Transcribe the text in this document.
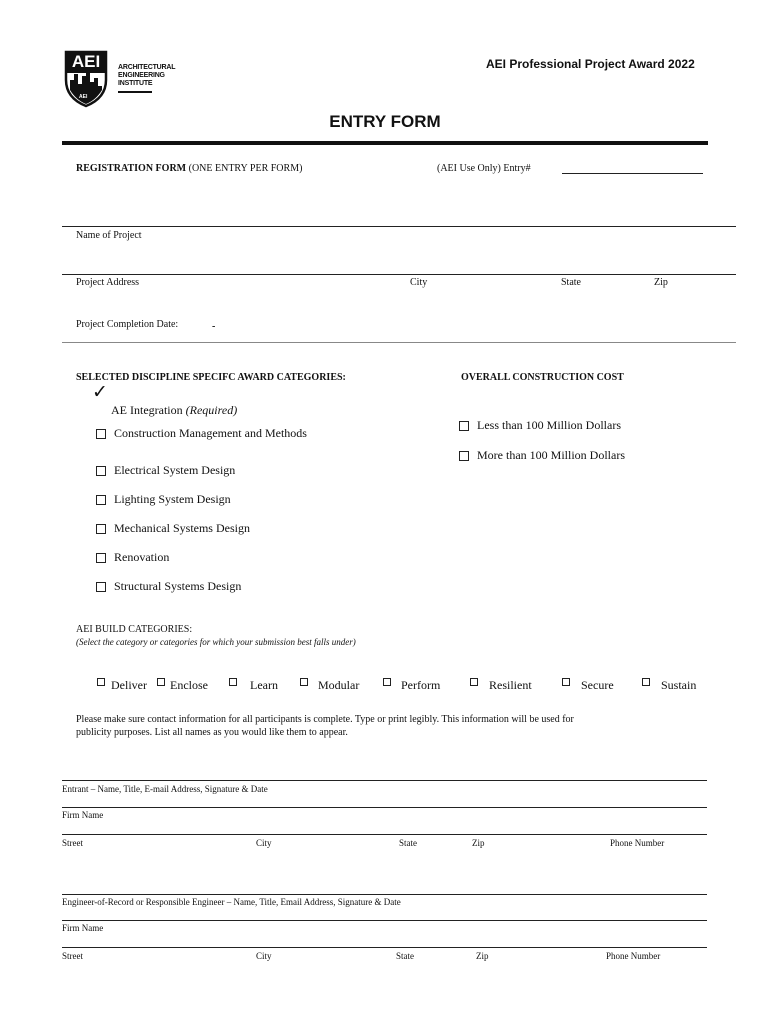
AEI
AEI
ARCHITECTURAL
ENGINEERING
INSTITUTE
AEI Professional Project Award 2022
ENTRY FORM
REGISTRATION FORM (ONE ENTRY PER FORM)	(AEI Use Only) Entry#
Name of Project
Project Address	City	State	Zip
Project Completion Date:	-
SELECTED DISCIPLINE SPECIFC AWARD CATEGORIES:
✓
AE Integration (Required)
Construction Management and Methods
Electrical System Design
Lighting System Design
Mechanical Systems Design
Renovation
Structural Systems Design
OVERALL CONSTRUCTION COST
Less than 100 Million Dollars
More than 100 Million Dollars
AEI BUILD CATEGORIES:
(Select the category or categories for which your submission best falls under)
Deliver Enclose	Learn	Modular	Perform	Resilient	Secure	Sustain
Please make sure contact information for all participants is complete. Type or print legibly. This information will be used for
publicity purposes. List all names as you would like them to appear.
Entrant – Name, Title, E-mail Address, Signature & Date
Firm Name
Street	City	State	Zip	Phone Number
Engineer-of-Record or Responsible Engineer – Name, Title, Email Address, Signature & Date
Firm Name
Street	City	State	Zip	Phone Number
